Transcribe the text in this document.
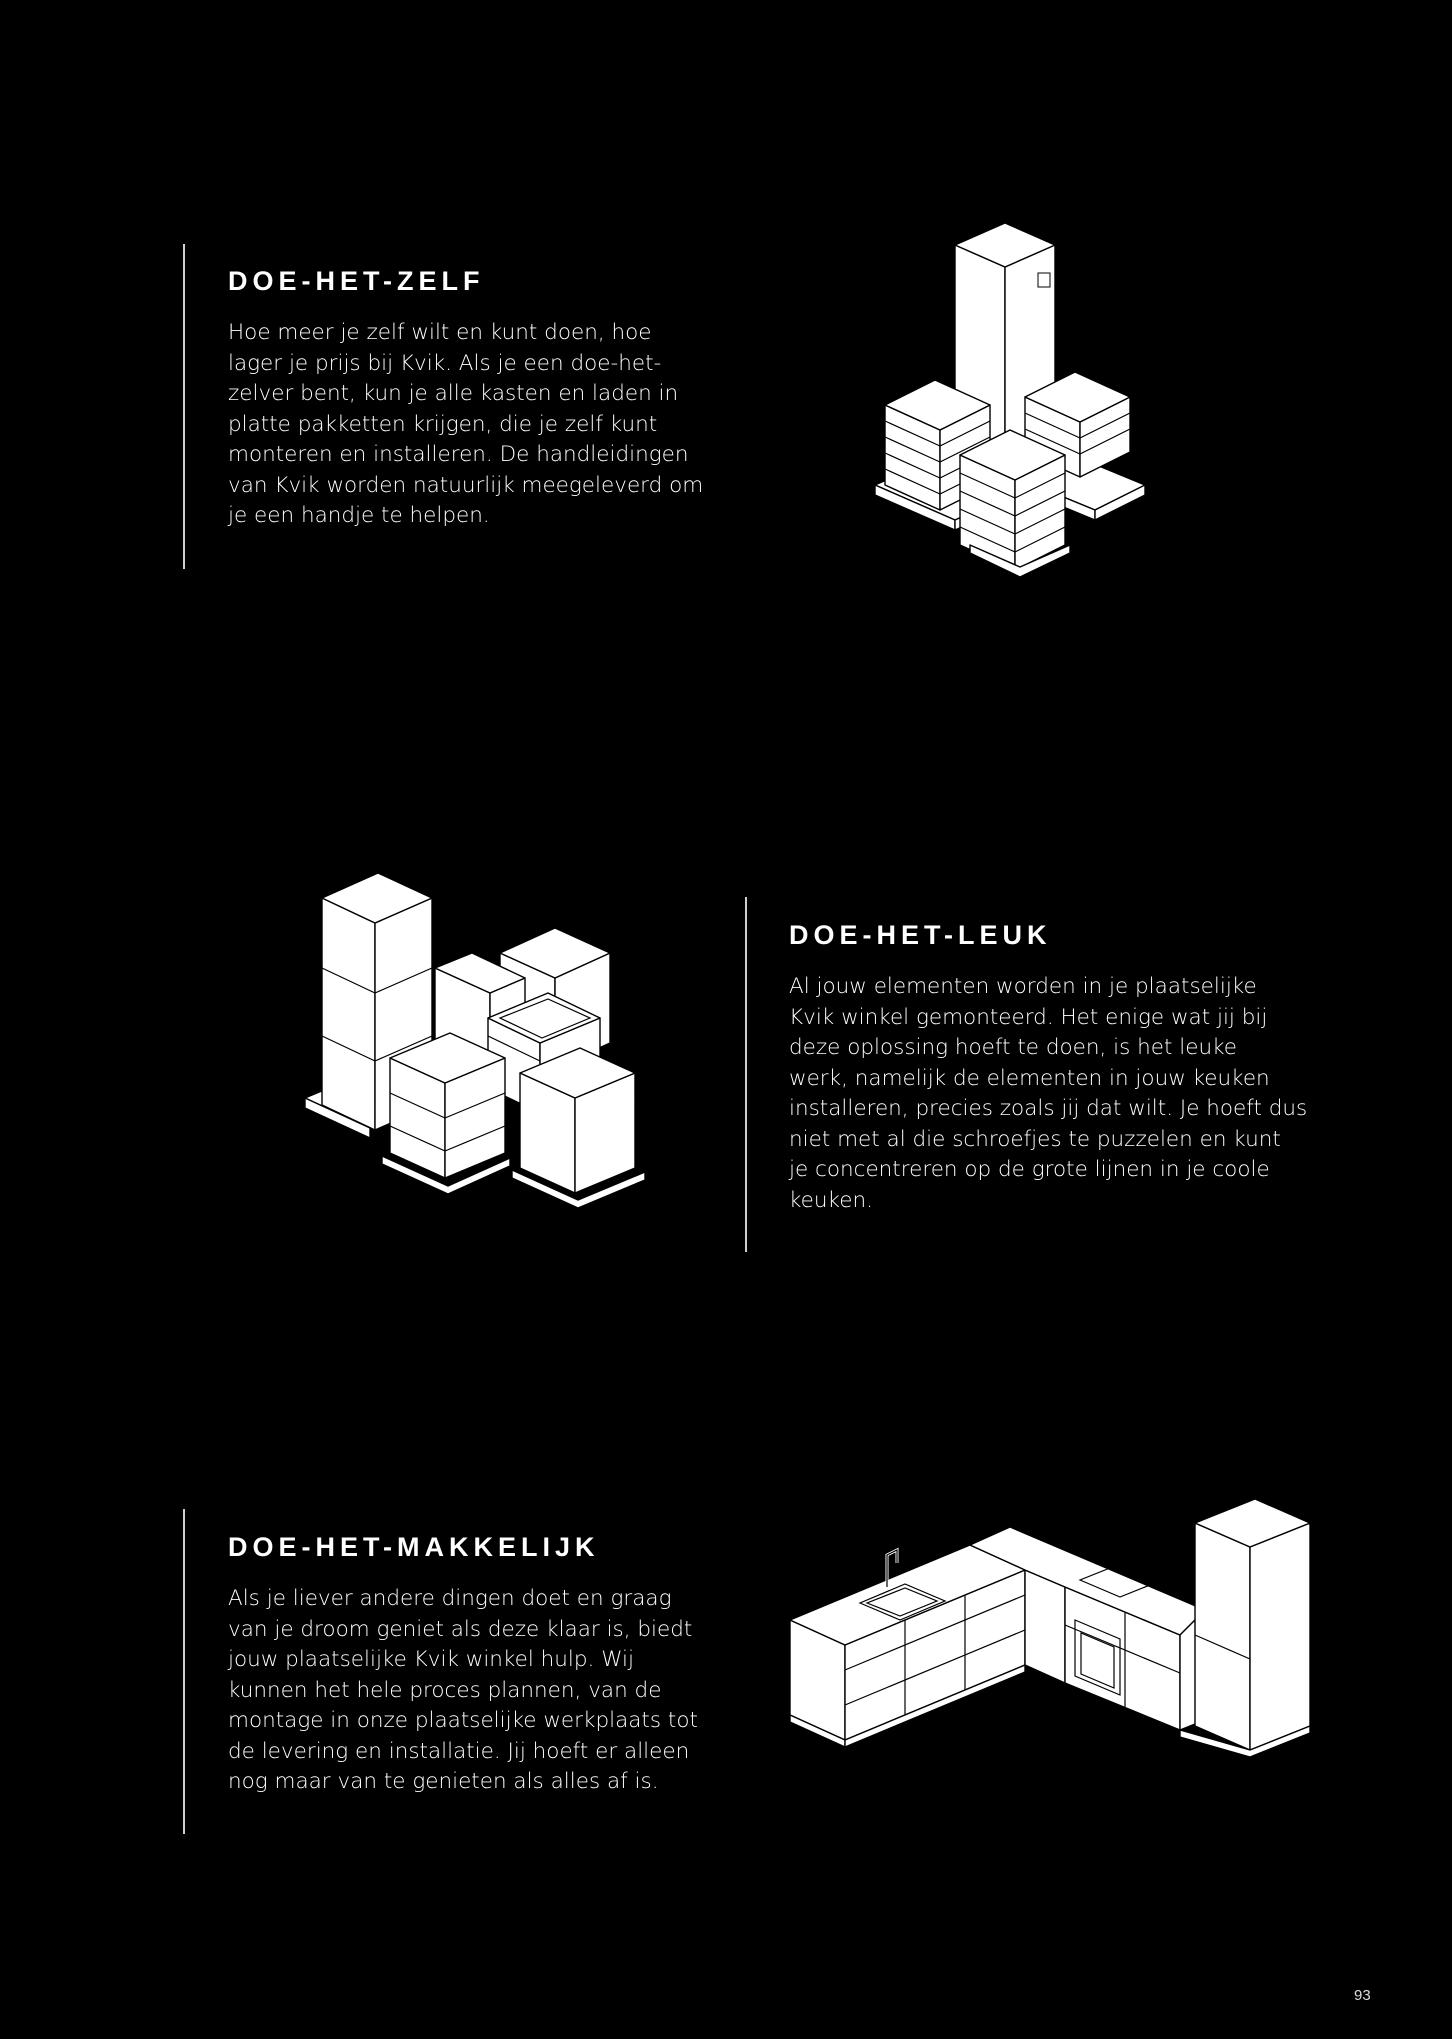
DOE-HET-ZELF
Hoe meer je zelf wilt en kunt doen, hoe
lager je prijs bij Kvik. Als je een doe-het-
zelver bent, kun je alle kasten en laden in
platte pakketten krijgen, die je zelf kunt
monteren en installeren. De handleidingen
van Kvik worden natuurlijk meegeleverd om
je een handje te helpen.
DOE-HET-LEUK
Al jouw elementen worden in je plaatselijke
Kvik winkel gemonteerd. Het enige wat jij bij
deze oplossing hoeft te doen, is het leuke
werk, namelijk de elementen in jouw keuken
installeren, precies zoals jij dat wilt. Je hoeft dus
niet met al die schroefjes te puzzelen en kunt
je concentreren op de grote lijnen in je coole
keuken.
DOE-HET-MAKKELIJK
Als je liever andere dingen doet en graag
van je droom geniet als deze klaar is, biedt
jouw plaatselijke Kvik winkel hulp. Wij
kunnen het hele proces plannen, van de
montage in onze plaatselijke werkplaats tot
de levering en installatie. Jij hoeft er alleen
nog maar van te genieten als alles af is.
93
